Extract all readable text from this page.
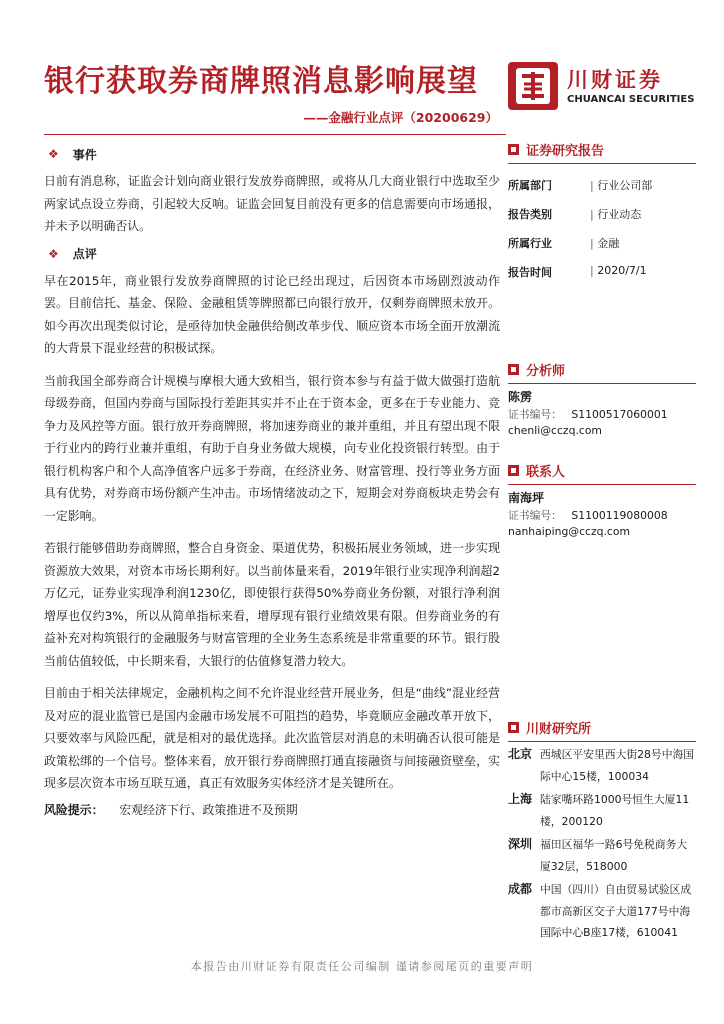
银行获取券商牌照消息影响展望
——金融行业点评（20200629）
川财证券
CHUANCAI SECURITIES
❖ 事件

日前有消息称，证监会计划向商业银行发放券商牌照，或将从几大商业银行中选取至少两家试点设立券商，引起较大反响。证监会回复目前没有更多的信息需要向市场通报，并未予以明确否认。

❖ 点评

早在2015年，商业银行发放券商牌照的讨论已经出现过，后因资本市场剧烈波动作罢。目前信托、基金、保险、金融租赁等牌照都已向银行放开，仅剩券商牌照未放开。如今再次出现类似讨论，是亟待加快金融供给侧改革步伐、顺应资本市场全面开放潮流的大背景下混业经营的积极试探。

当前我国全部券商合计规模与摩根大通大致相当，银行资本参与有益于做大做强打造航母级券商，但国内券商与国际投行差距其实并不止在于资本金，更多在于专业能力、竞争力及风控等方面。银行放开券商牌照，将加速券商业的兼并重组，并且有望出现不限于行业内的跨行业兼并重组，有助于自身业务做大规模，向专业化投资银行转型。由于银行机构客户和个人高净值客户远多于券商，在经济业务、财富管理、投行等业务方面具有优势，对券商市场份额产生冲击。市场情绪波动之下，短期会对券商板块走势会有一定影响。

若银行能够借助券商牌照，整合自身资金、渠道优势，积极拓展业务领域，进一步实现资源放大效果，对资本市场长期利好。以当前体量来看，2019年银行业实现净利润超2万亿元，证券业实现净利润1230亿，即使银行获得50%券商业务份额，对银行净利润增厚也仅约3%，所以从简单指标来看，增厚现有银行业绩效果有限。但券商业务的有益补充对构筑银行的金融服务与财富管理的全业务生态系统是非常重要的环节。银行股当前估值较低，中长期来看，大银行的估值修复潜力较大。

目前由于相关法律规定，金融机构之间不允许混业经营开展业务，但是“曲线”混业经营及对应的混业监管已是国内金融市场发展不可阻挡的趋势，毕竟顺应金融改革开放下，只要效率与风险匹配，就是相对的最优选择。此次监管层对消息的未明确否认很可能是政策松绑的一个信号。整体来看，放开银行券商牌照打通直接融资与间接融资壁垒，实现多层次资本市场互联互通，真正有效服务实体经济才是关键所在。

风险提示： 宏观经济下行、政策推进不及预期
证券研究报告
所属部门	| 行业公司部
报告类别	| 行业动态
所属行业	| 金融
报告时间	| 2020/7/1
分析师
陈雳
证书编号： S1100517060001
chenli@cczq.com
联系人
南海坪
证书编号： S1100119080008
nanhaiping@cczq.com
川财研究所
北京 西城区平安里西大街28号中海国际中心15楼，100034
上海 陆家嘴环路1000号恒生大厦11楼，200120
深圳 福田区福华一路6号免税商务大厦32层，518000
成都 中国（四川）自由贸易试验区成都市高新区交子大道177号中海国际中心B座17楼，610041
本报告由川财证券有限责任公司编制 谨请参阅尾页的重要声明
